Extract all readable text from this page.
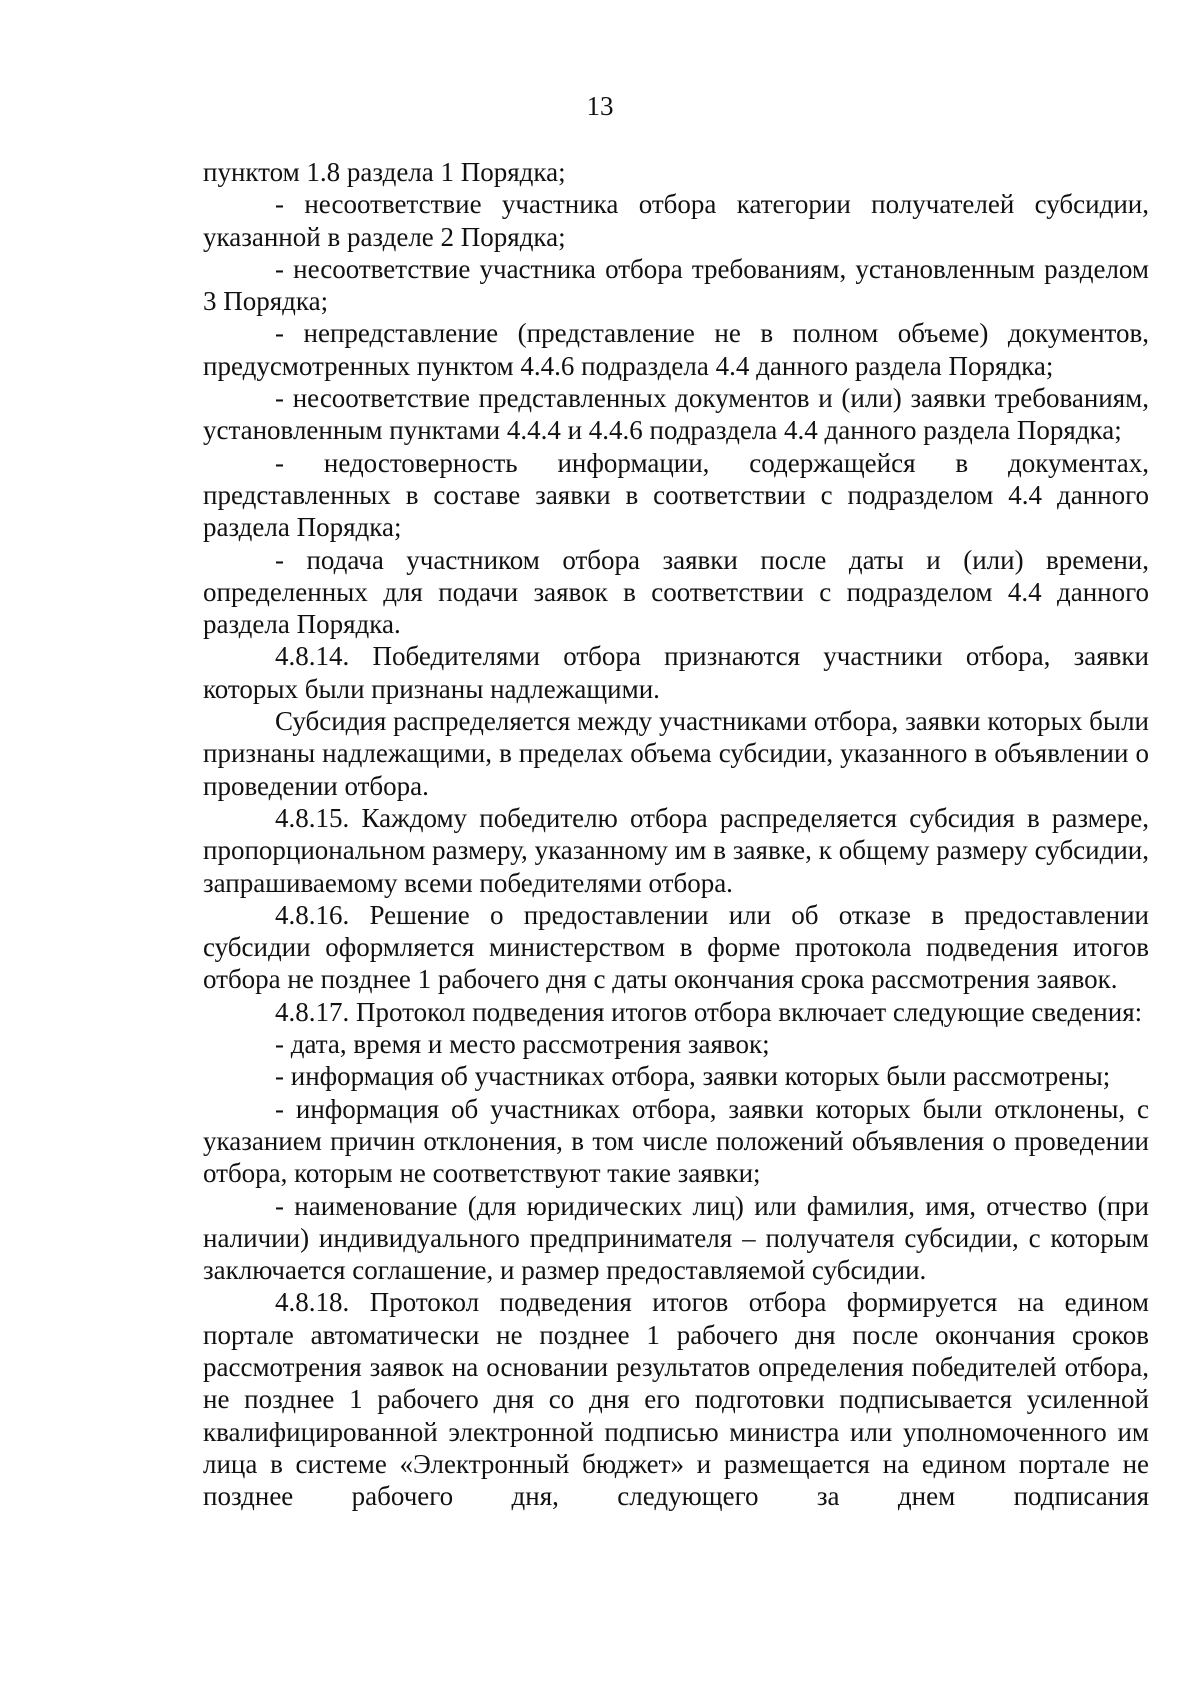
13

пунктом 1.8 раздела 1 Порядка;

- несоответствие участника отбора категории получателей субсидии, указанной в разделе 2 Порядка;

- несоответствие участника отбора требованиям, установленным разделом 3 Порядка;

- непредставление (представление не в полном объеме) документов, предусмотренных пунктом 4.4.6 подраздела 4.4 данного раздела Порядка;

- несоответствие представленных документов и (или) заявки требованиям, установленным пунктами 4.4.4 и 4.4.6 подраздела 4.4 данного раздела Порядка;

- недостоверность информации, содержащейся в документах, представленных в составе заявки в соответствии с подразделом 4.4 данного раздела Порядка;

- подача участником отбора заявки после даты и (или) времени, определенных для подачи заявок в соответствии с подразделом 4.4 данного раздела Порядка.

4.8.14. Победителями отбора признаются участники отбора, заявки которых были признаны надлежащими.

Субсидия распределяется между участниками отбора, заявки которых были признаны надлежащими, в пределах объема субсидии, указанного в объявлении о проведении отбора.

4.8.15. Каждому победителю отбора распределяется субсидия в размере, пропорциональном размеру, указанному им в заявке, к общему размеру субсидии, запрашиваемому всеми победителями отбора.

4.8.16. Решение о предоставлении или об отказе в предоставлении субсидии оформляется министерством в форме протокола подведения итогов отбора не позднее 1 рабочего дня с даты окончания срока рассмотрения заявок.

4.8.17. Протокол подведения итогов отбора включает следующие сведения:

- дата, время и место рассмотрения заявок;

- информация об участниках отбора, заявки которых были рассмотрены;

- информация об участниках отбора, заявки которых были отклонены, с указанием причин отклонения, в том числе положений объявления о проведении отбора, которым не соответствуют такие заявки;

- наименование (для юридических лиц) или фамилия, имя, отчество (при наличии) индивидуального предпринимателя – получателя субсидии, с которым заключается соглашение, и размер предоставляемой субсидии.

4.8.18. Протокол подведения итогов отбора формируется на едином портале автоматически не позднее 1 рабочего дня после окончания сроков рассмотрения заявок на основании результатов определения победителей отбора, не позднее 1 рабочего дня со дня его подготовки подписывается усиленной квалифицированной электронной подписью министра или уполномоченного им лица в системе «Электронный бюджет» и размещается на едином портале не позднее рабочего дня, следующего за днем подписания
